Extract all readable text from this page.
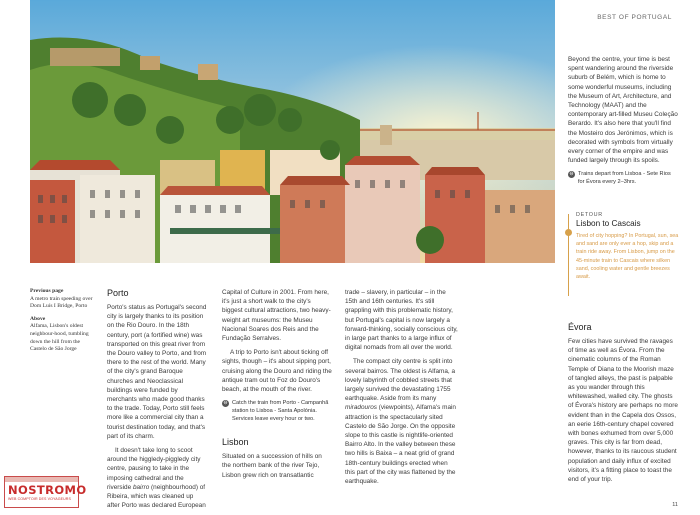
BEST OF PORTUGAL

Beyond the centre, your time is best spent wandering around the riverside suburb of Belém, which is home to some wonderful museums, including the Museum of Art, Architecture, and Technology (MAAT) and the contemporary art-filled Museu Coleção Berardo. It's also here that you'll find the Mosteiro dos Jerónimos, which is decorated with symbols from virtually every corner of the empire and was funded largely through its spoils.

⊖ Trains depart from Lisboa - Sete Rios for Évora every 2–3hrs.
DETOUR
Lisbon to Cascais
Tired of city hopping? In Portugal, sun, sea and sand are only ever a hop, skip and a train ride away. From Lisbon, jump on the 45-minute train to Cascais where silken sand, cooling water and gentle breezes await.
Previous page
A metro train speeding over Dom Luís I Bridge, Porto
Above
Alfama, Lisbon's oldest neighbour-hood, tumbling down the hill from the Castelo de São Jorge
Porto

Porto's status as Portugal's second city is largely thanks to its position on the Rio Douro. In the 18th century, port (a fortified wine) was transported on this great river from the Douro valley to Porto, and from there to the rest of the world. Many of the city's grand Baroque churches and Neoclassical buildings were funded by merchants who made good thanks to the trade. Today, Porto still feels more like a commercial city than a tourist destination today, and that's part of its charm.

It doesn't take long to scoot around the higgledy-piggledy city centre, pausing to take in the imposing cathedral and the riverside bairro (neighbourhood) of Ribeira, which was cleaned up after Porto was declared European

Capital of Culture in 2001. From here, it's just a short walk to the city's biggest cultural attractions, two heavy-weight art museums: the Museu Nacional Soares dos Reis and the Fundação Serralves.

A trip to Porto isn't about ticking off sights, though – it's about sipping port, cruising along the Douro and riding the antique tram out to Foz do Douro's beach, at the mouth of the river.

⊖ Catch the train from Porto - Campanhã station to Lisboa - Santa Apolónia. Services leave every hour or two.
Lisbon

Situated on a succession of hills on the northern bank of the river Tejo, Lisbon grew rich on transatlantic

trade – slavery, in particular – in the 15th and 16th centuries. It's still grappling with this problematic history, but Portugal's capital is now largely a forward-thinking, socially conscious city, in large part thanks to a large influx of digital nomads from all over the world.

The compact city centre is split into several bairros. The oldest is Alfama, a lovely labyrinth of cobbled streets that largely survived the devastating 1755 earthquake. Aside from its many miradouros (viewpoints), Alfama's main attraction is the spectacularly sited Castelo de São Jorge. On the opposite slope to this castle is nightlife-oriented Bairro Alto. In the valley between these two hills is Baixa – a neat grid of grand 18th-century buildings erected when this part of the city was flattened by the earthquake.

Évora

Few cities have survived the ravages of time as well as Évora. From the cinematic columns of the Roman Temple of Diana to the Moorish maze of tangled alleys, the past is palpable as you wander through this whitewashed, walled city. The ghosts of Évora's history are perhaps no more evident than in the Capela dos Ossos, an eerie 16th-century chapel covered with bones exhumed from over 5,000 graves. This city is far from dead, however, thanks to its raucous student population and daily influx of excited visitors, it's a fitting place to toast the end of your trip.

11
NOSTROMO
WEB COMPTOIR DES VOYAGEURS
